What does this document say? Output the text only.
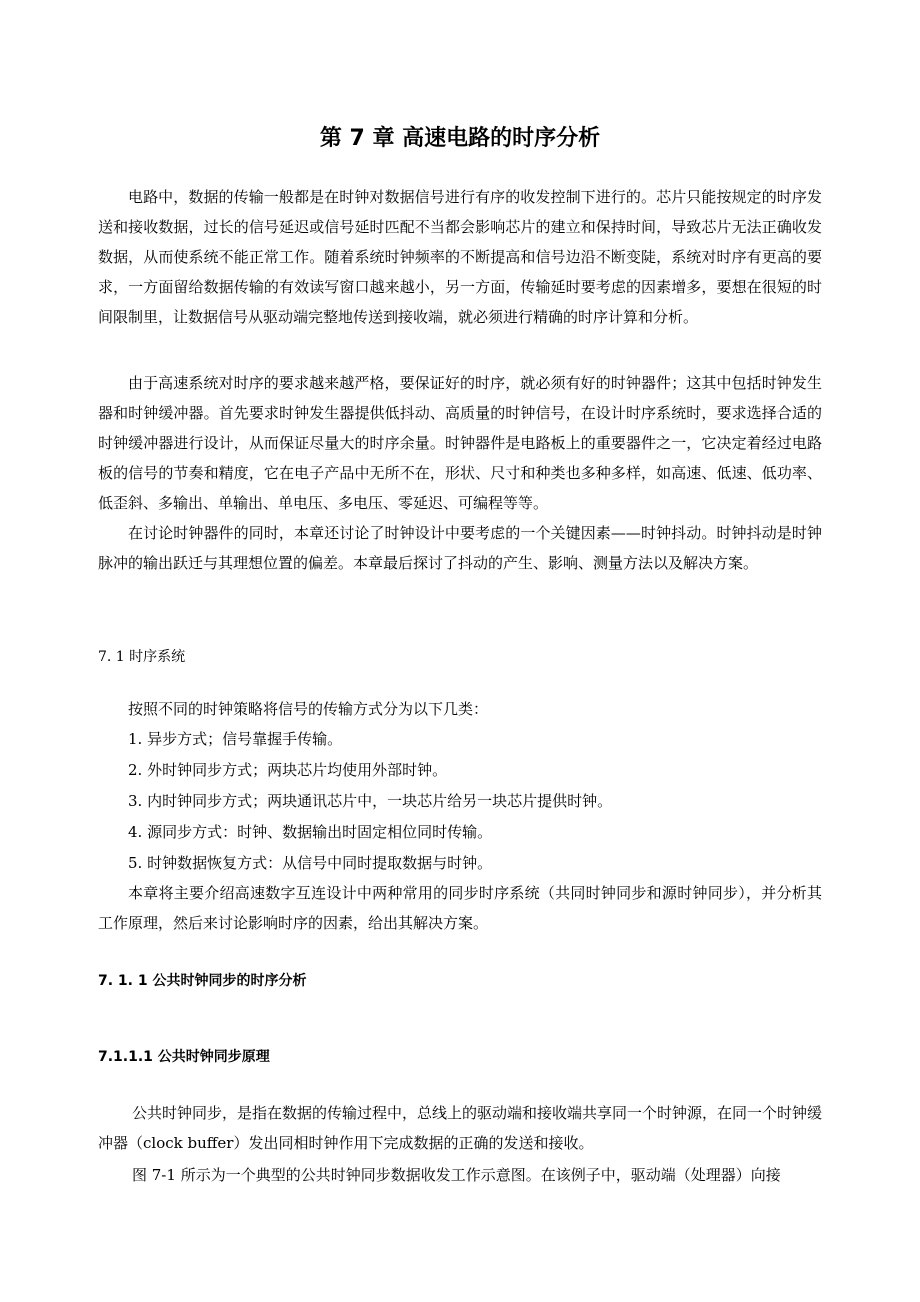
第 7 章 高速电路的时序分析

电路中，数据的传输一般都是在时钟对数据信号进行有序的收发控制下进行的。芯片只能按规定的时序发送和接收数据，过长的信号延迟或信号延时匹配不当都会影响芯片的建立和保持时间，导致芯片无法正确收发数据，从而使系统不能正常工作。随着系统时钟频率的不断提高和信号边沿不断变陡，系统对时序有更高的要求，一方面留给数据传输的有效读写窗口越来越小，另一方面，传输延时要考虑的因素增多，要想在很短的时间限制里，让数据信号从驱动端完整地传送到接收端，就必须进行精确的时序计算和分析。

由于高速系统对时序的要求越来越严格，要保证好的时序，就必须有好的时钟器件；这其中包括时钟发生器和时钟缓冲器。首先要求时钟发生器提供低抖动、高质量的时钟信号，在设计时序系统时，要求选择合适的时钟缓冲器进行设计，从而保证尽量大的时序余量。时钟器件是电路板上的重要器件之一，它决定着经过电路板的信号的节奏和精度，它在电子产品中无所不在，形状、尺寸和种类也多种多样，如高速、低速、低功率、低歪斜、多输出、单输出、单电压、多电压、零延迟、可编程等等。

在讨论时钟器件的同时，本章还讨论了时钟设计中要考虑的一个关键因素——时钟抖动。时钟抖动是时钟脉冲的输出跃迁与其理想位置的偏差。本章最后探讨了抖动的产生、影响、测量方法以及解决方案。

7. 1 时序系统

按照不同的时钟策略将信号的传输方式分为以下几类：

1. 异步方式；信号靠握手传输。

2. 外时钟同步方式；两块芯片均使用外部时钟。

3. 内时钟同步方式；两块通讯芯片中，一块芯片给另一块芯片提供时钟。

4. 源同步方式：时钟、数据输出时固定相位同时传输。

5. 时钟数据恢复方式：从信号中同时提取数据与时钟。

本章将主要介绍高速数字互连设计中两种常用的同步时序系统（共同时钟同步和源时钟同步），并分析其工作原理，然后来讨论影响时序的因素，给出其解决方案。

7. 1. 1 公共时钟同步的时序分析
7.1.1.1 公共时钟同步原理

公共时钟同步，是指在数据的传输过程中，总线上的驱动端和接收端共享同一个时钟源，在同一个时钟缓冲器（clock buffer）发出同相时钟作用下完成数据的正确的发送和接收。

图 7-1 所示为一个典型的公共时钟同步数据收发工作示意图。在该例子中，驱动端（处理器）向接
